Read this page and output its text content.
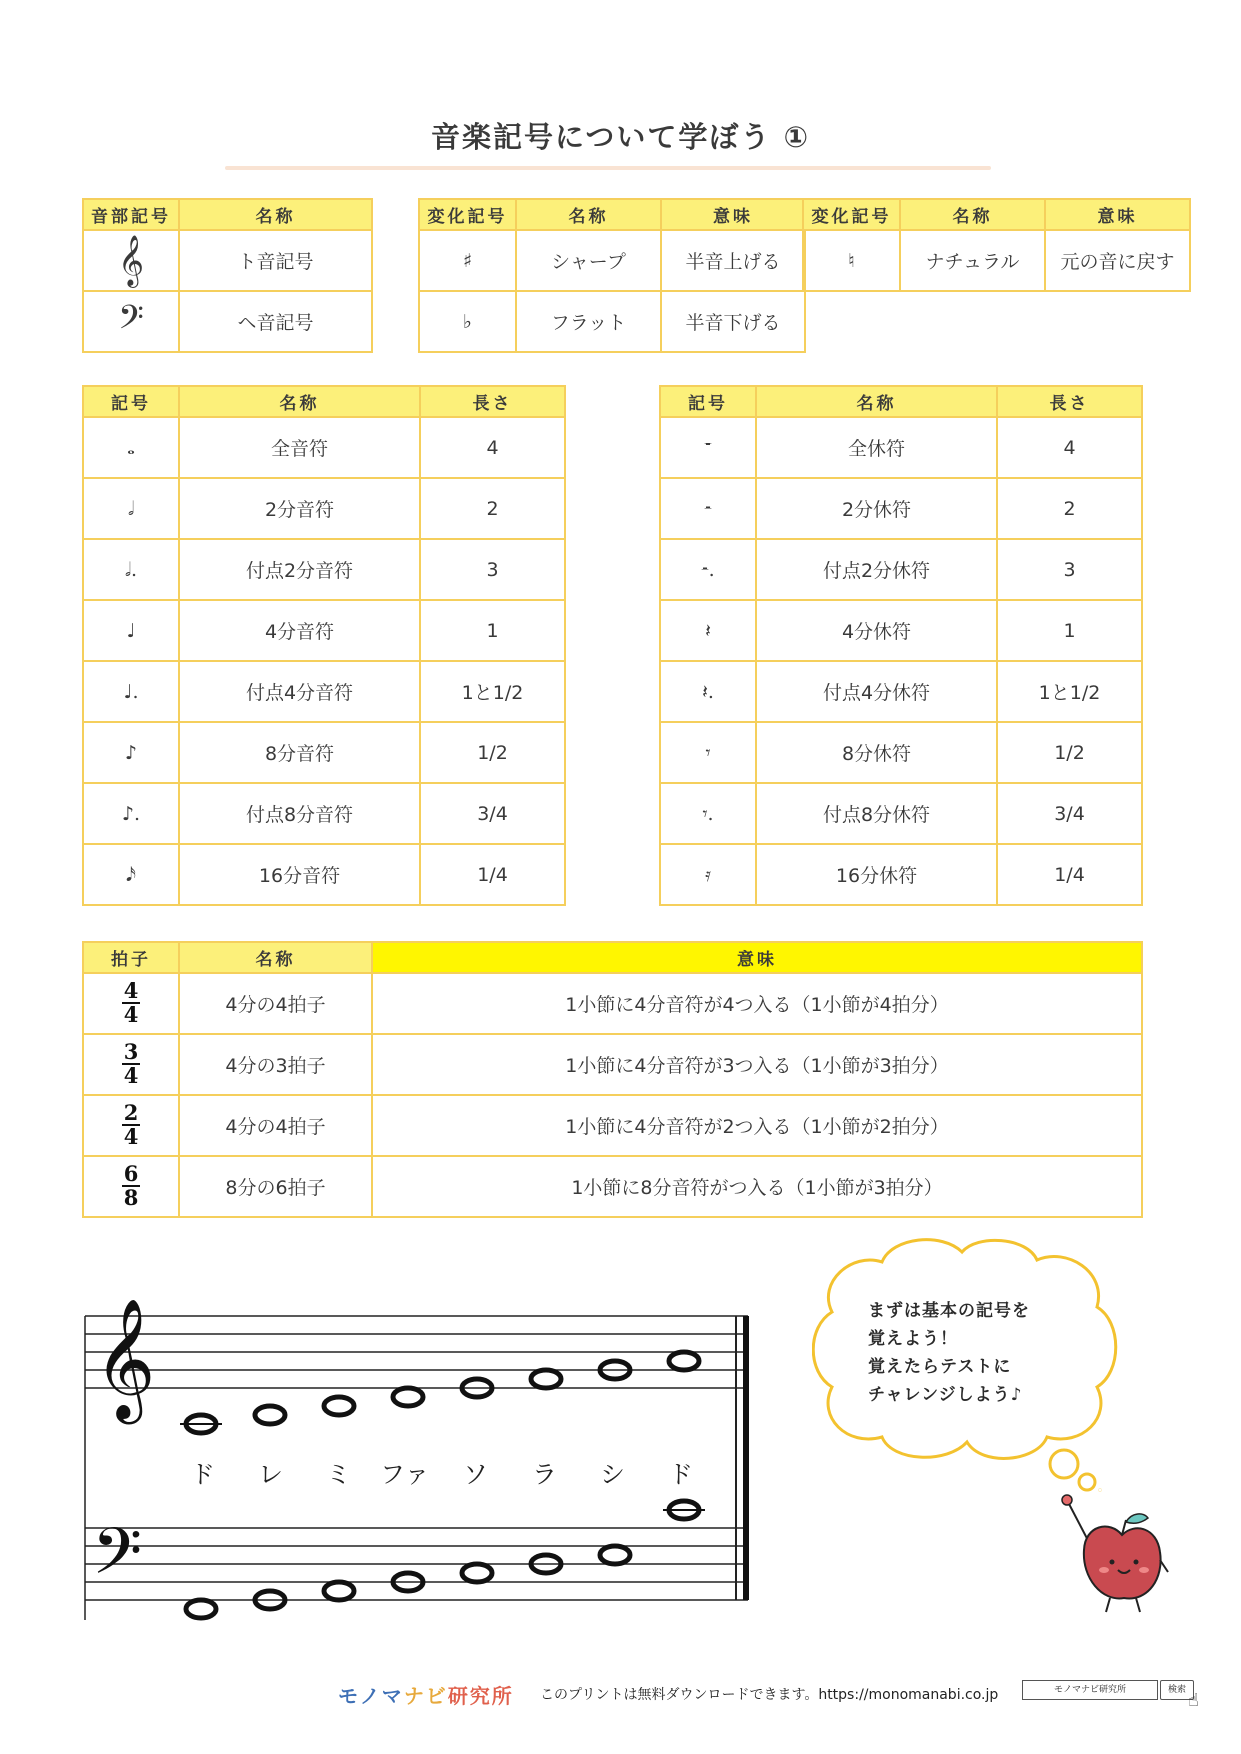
音楽記号について学ぼう ①
音部記号	名称
𝄞	ト音記号
𝄢	ヘ音記号
変化記号	名称	意味
♯	シャープ	半音上げる
♭	フラット	半音下げる
変化記号	名称	意味
♮	ナチュラル	元の音に戻す
記号	名称	長さ
𝅝	全音符	4
𝅗𝅥	2分音符	2
𝅗𝅥.	付点2分音符	3
♩	4分音符	1
♩.	付点4分音符	1と1/2
♪	8分音符	1/2
♪.	付点8分音符	3/4
𝅘𝅥𝅯	16分音符	1/4
記号	名称	長さ
𝄻	全休符	4
𝄼	2分休符	2
𝄼.	付点2分休符	3
𝄽	4分休符	1
𝄽.	付点4分休符	1と1/2
𝄾	8分休符	1/2
𝄾.	付点8分休符	3/4
𝄿	16分休符	1/4
拍子	名称	意味

$\frac{4}{4}$	4分の4拍子	1小節に4分音符が4つ入る（1小節が4拍分）

$\frac{3}{4}$	4分の3拍子	1小節に4分音符が3つ入る（1小節が3拍分）

$\frac{2}{4}$	4分の4拍子	1小節に4分音符が2つ入る（1小節が2拍分）

$\frac{6}{8}$	8分の6拍子	1小節に8分音符がつ入る（1小節が3拍分）
𝄞
𝄢
ド レ ミ ファ ソ ラ シ ド
まずは基本の記号を
覚えよう！
覚えたらテストに
チャレンジしよう♪
モノマナビ研究所 このプリントは無料ダウンロードできます。https://monomanabi.co.jp	モノマナビ研究所	検索 ☝
